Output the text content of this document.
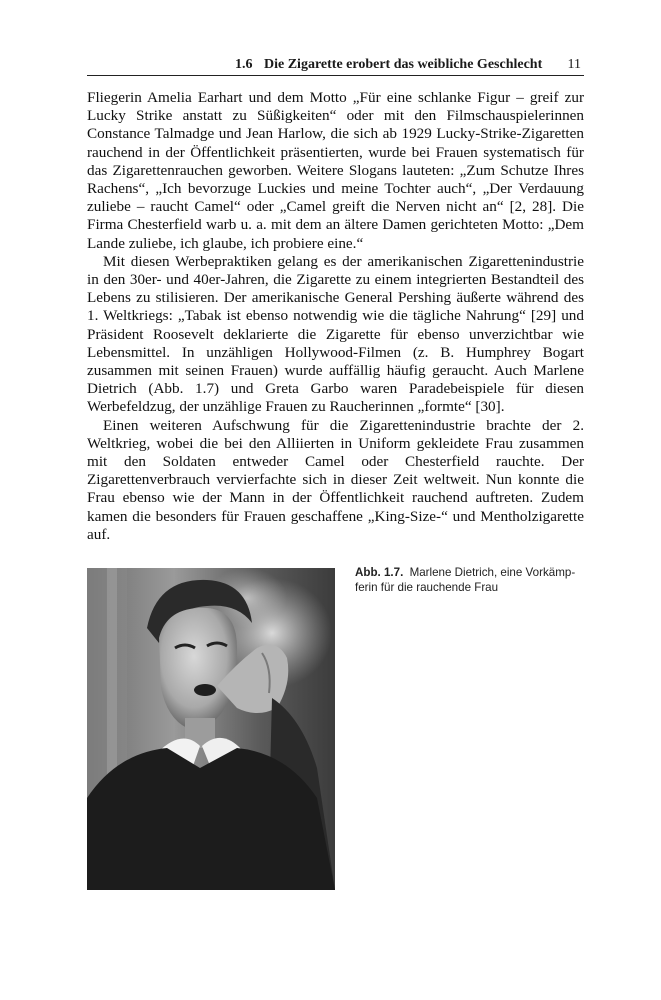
1.6 Die Zigarette erobert das weibliche Geschlecht 11

Fliegerin Amelia Earhart und dem Motto „Für eine schlanke Figur – greif zur Lucky Strike anstatt zu Süßigkeiten“ oder mit den Filmschauspielerinnen Constance Talmadge und Jean Harlow, die sich ab 1929 Lucky-Strike-Zigaretten rauchend in der Öffentlichkeit präsentierten, wurde bei Frauen systematisch für das Zigarettenrauchen geworben. Weitere Slogans lauteten: „Zum Schutze Ihres Rachens“, „Ich bevorzuge Luckies und meine Tochter auch“, „Der Verdauung zuliebe – raucht Camel“ oder „Camel greift die Nerven nicht an“ [2, 28]. Die Firma Chesterfield warb u. a. mit dem an ältere Damen gerichteten Motto: „Dem Lande zuliebe, ich glaube, ich probiere eine.“

Mit diesen Werbepraktiken gelang es der amerikanischen Zigarettenindustrie in den 30er- und 40er-Jahren, die Zigarette zu einem integrierten Bestandteil des Lebens zu stilisieren. Der amerikanische General Pershing äußerte während des 1. Weltkriegs: „Tabak ist ebenso notwendig wie die tägliche Nahrung“ [29] und Präsident Roosevelt deklarierte die Zigarette für ebenso unverzichtbar wie Lebensmittel. In unzähligen Hollywood-Filmen (z. B. Humphrey Bogart zusammen mit seinen Frauen) wurde auffällig häufig geraucht. Auch Marlene Dietrich (Abb. 1.7) und Greta Garbo waren Paradebeispiele für diesen Werbefeldzug, der unzählige Frauen zu Raucherinnen „formte“ [30].

Einen weiteren Aufschwung für die Zigarettenindustrie brachte der 2. Weltkrieg, wobei die bei den Alliierten in Uniform gekleidete Frau zusammen mit den Soldaten entweder Camel oder Chesterfield rauchte. Der Zigarettenverbrauch vervierfachte sich in dieser Zeit weltweit. Nun konnte die Frau ebenso wie der Mann in der Öffentlichkeit rauchend auftreten. Zudem kamen die besonders für Frauen geschaffene „King-Size-“ und Mentholzigarette auf.

Abb. 1.7. Marlene Dietrich, eine Vorkämpferin für die rauchende Frau
